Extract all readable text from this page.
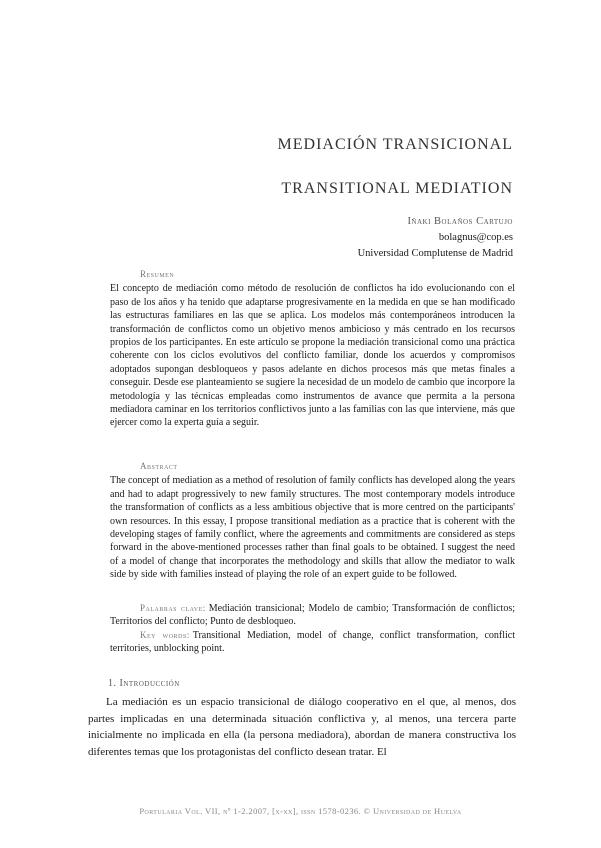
MEDIACIÓN TRANSICIONAL
TRANSITIONAL MEDIATION
Iñaki Bolaños Cartujo
bolagnus@cop.es
Universidad Complutense de Madrid
Resumen

El concepto de mediación como método de resolución de conflictos ha ido evolucionando con el paso de los años y ha tenido que adaptarse progresivamente en la medida en que se han modificado las estructuras familiares en las que se aplica. Los modelos más contemporáneos introducen la transformación de conflictos como un objetivo menos ambicioso y más centrado en los recursos propios de los participantes. En este artículo se propone la mediación transicional como una práctica coherente con los ciclos evolutivos del conflicto familiar, donde los acuerdos y compromisos adoptados supongan desbloqueos y pasos adelante en dichos procesos más que metas finales a conseguir. Desde ese planteamiento se sugiere la necesidad de un modelo de cambio que incorpore la metodología y las técnicas empleadas como instrumentos de avance que permita a la persona mediadora caminar en los territorios conflictivos junto a las familias con las que interviene, más que ejercer como la experta guía a seguir.

Abstract

The concept of mediation as a method of resolution of family conflicts has developed along the years and had to adapt progressively to new family structures. The most contemporary models introduce the transformation of conflicts as a less ambitious objective that is more centred on the participants' own resources. In this essay, I propose transitional mediation as a practice that is coherent with the developing stages of family conflict, where the agreements and commitments are considered as steps forward in the above-mentioned processes rather than final goals to be obtained. I suggest the need of a model of change that incorporates the methodology and skills that allow the mediator to walk side by side with families instead of playing the role of an expert guide to be followed.

Palabras clave: Mediación transicional; Modelo de cambio; Transformación de conflictos; Territorios del conflicto; Punto de desbloqueo.

Key words: Transitional Mediation, model of change, conflict transformation, conflict territories, unblocking point.

1. Introducción

La mediación es un espacio transicional de diálogo cooperativo en el que, al menos, dos partes implicadas en una determinada situación conflictiva y, al menos, una tercera parte inicialmente no implicada en ella (la persona mediadora), abordan de manera constructiva los diferentes temas que los protagonistas del conflicto desean tratar. El

Portularia Vol. VII, nº 1-2.2007, [x-xx], issn 1578-0236. © Universidad de Huelva
